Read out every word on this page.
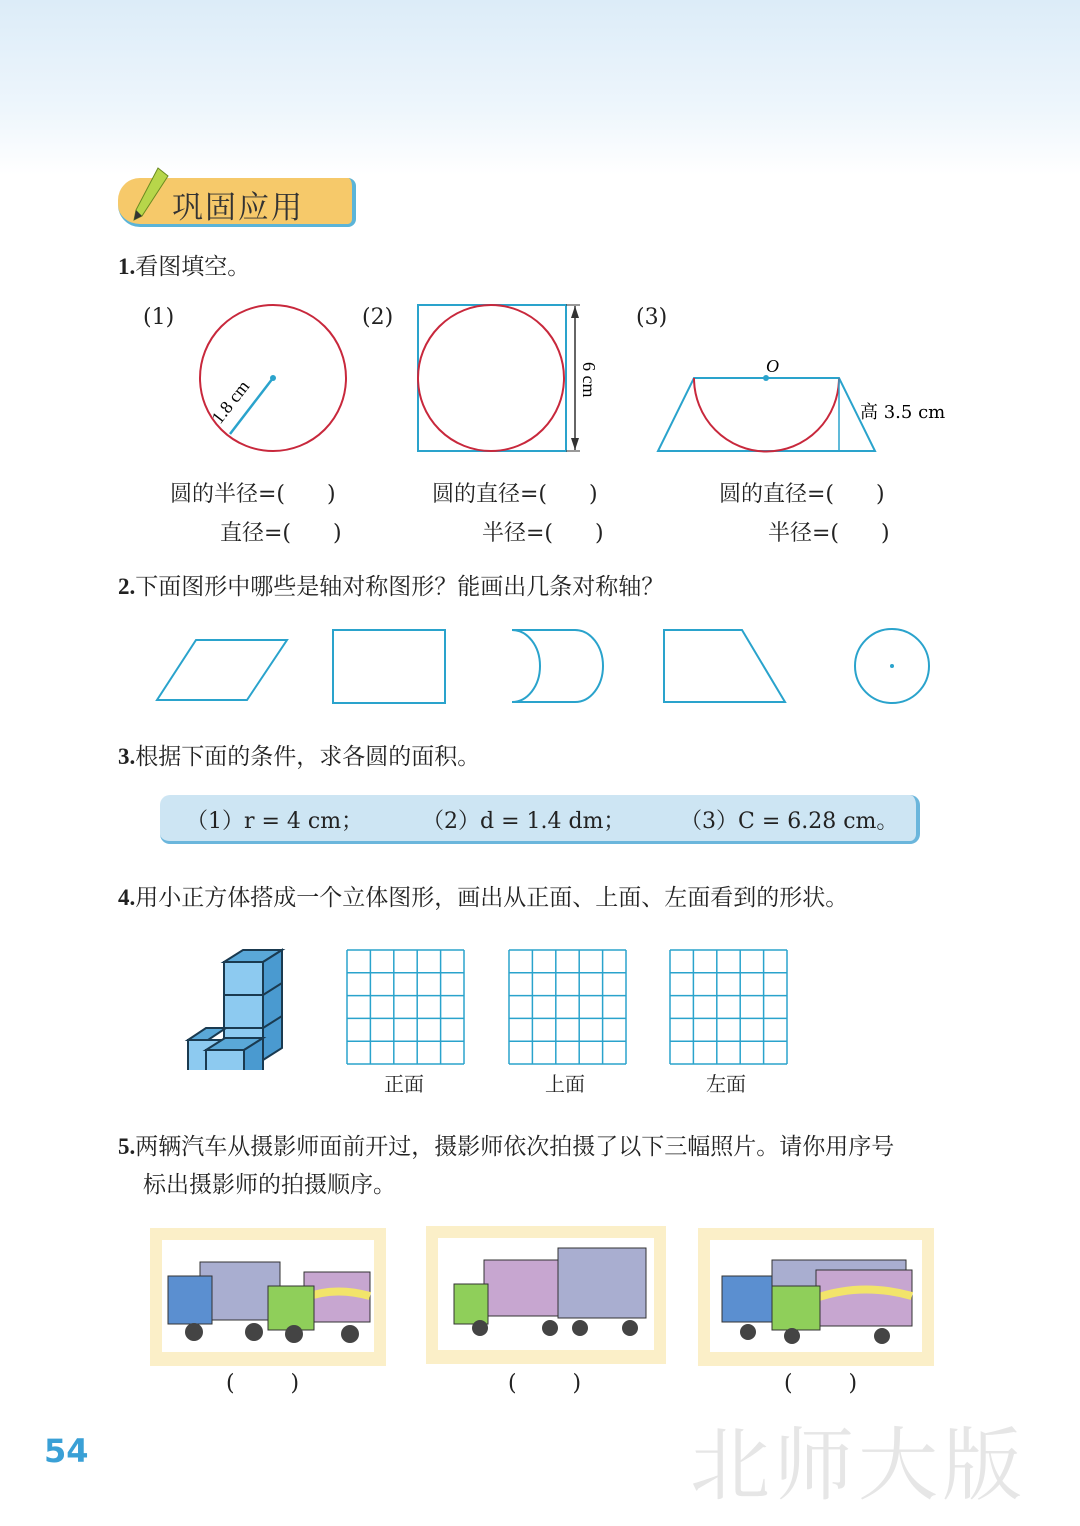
北师大版
巩固应用
1.看图填空。
(1)	(2)	(3)
1.8 cm	6 cm	O
高 3.5 cm
圆的半径=(      )
直径=(      )
圆的直径=(      )
半径=(      )
圆的直径=(      )
半径=(      )
2.下面图形中哪些是轴对称图形？能画出几条对称轴？
3.根据下面的条件，求各圆的面积。
（1）r = 4 cm；	（2）d = 1.4 dm； （3）C = 6.28 cm。
4.用小正方体搭成一个立体图形，画出从正面、上面、左面看到的形状。
正面	上面	左面
5.两辆汽车从摄影师面前开过，摄影师依次拍摄了以下三幅照片。请你用序号
标出摄影师的拍摄顺序。
(        )	(        )	(        )
54
